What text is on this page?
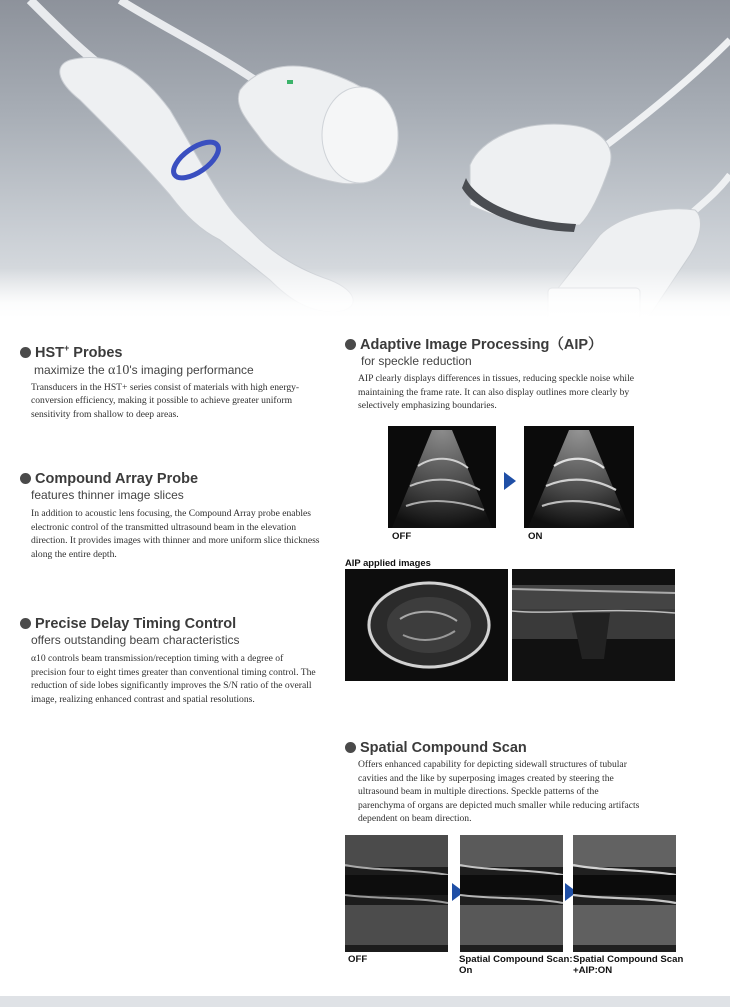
HST+ Probes
maximize the α10's imaging performance
Transducers in the HST+ series consist of materials with high energy-conversion efficiency, making it possible to achieve greater uniform sensitivity from shallow to deep areas.
Compound Array Probe
features thinner image slices
In addition to acoustic lens focusing, the Compound Array probe enables electronic control of the transmitted ultrasound beam in the elevation direction. It provides images with thinner and more uniform slice thickness along the entire depth.
Precise Delay Timing Control
offers outstanding beam characteristics
α10 controls beam transmission/reception timing with a degree of precision four to eight times greater than conventional timing control. The reduction of side lobes significantly improves the S/N ratio of the overall image, realizing enhanced contrast and spatial resolutions.
Adaptive Image Processing（AIP）
for speckle reduction
AIP clearly displays differences in tissues, reducing speckle noise while maintaining the frame rate. It can also display outlines more clearly by selectively emphasizing boundaries.
OFF	ON
AIP applied images
Spatial Compound Scan
Offers enhanced capability for depicting sidewall structures of tubular cavities and the like by superposing images created by steering the ultrasound beam in multiple directions. Speckle patterns of the parenchyma of organs are depicted much smaller while reducing artifacts dependent on beam direction.
OFF	Spatial Compound Scan:
On
Spatial Compound Scan
+AIP:ON
